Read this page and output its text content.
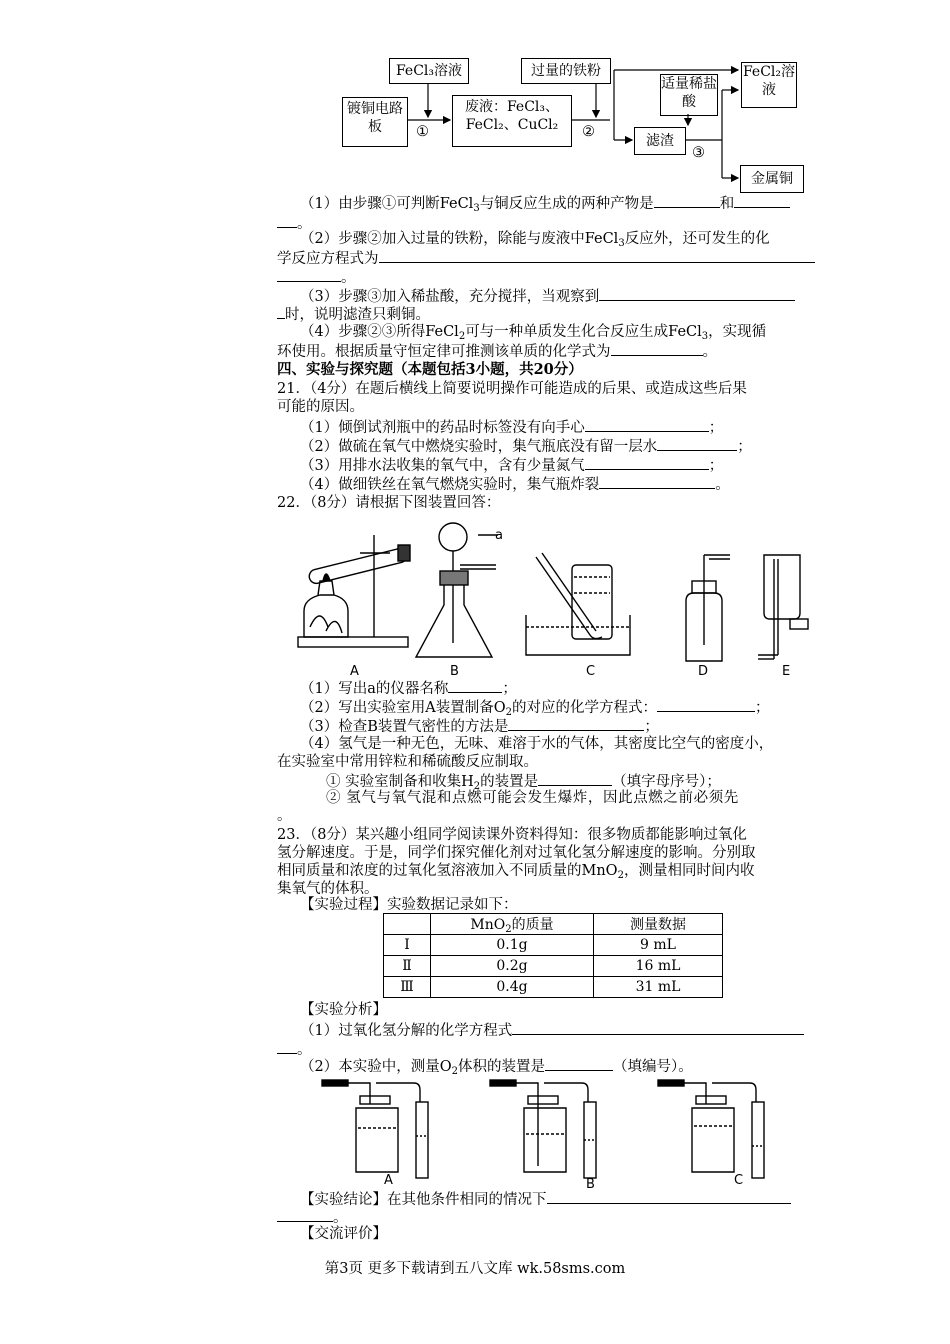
FeCl₃溶液	过量的铁粉
镀铜电路板
废液：FeCl₃、FeCl₂、CuCl₂
适量稀盐酸
滤渣
FeCl₂溶液
金属铜
①	②
③
（1）由步骤①可判断FeCl$_3$与铜反应生成的两种产物是	和
。
（2）步骤②加入过量的铁粉，除能与废液中FeCl$_3$反应外，还可发生的化
学反应方程式为
。
（3）步骤③加入稀盐酸，充分搅拌，当观察到
时，说明滤渣只剩铜。
（4）步骤②③所得FeCl$_2$可与一种单质发生化合反应生成FeCl$_3$，实现循
环使用。根据质量守恒定律可推测该单质的化学式为	。
四、实验与探究题（本题包括3小题，共20分）
21．（4分）在题后横线上简要说明操作可能造成的后果、或造成这些后果
可能的原因。
（1）倾倒试剂瓶中的药品时标签没有向手心	；
（2）做硫在氧气中燃烧实验时，集气瓶底没有留一层水	；
（3）用排水法收集的氧气中，含有少量氮气	；
（4）做细铁丝在氧气燃烧实验时，集气瓶炸裂	。
22．（8分）请根据下图装置回答：
a
A	B	C	D	E
（1）写出a的仪器名称	；
（2）写出实验室用A装置制备$O_2$的对应的化学方程式：	；
（3）检查B装置气密性的方法是	；
（4）氢气是一种无色，无味、难溶于水的气体，其密度比空气的密度小，
在实验室中常用锌粒和稀硫酸反应制取。
① 实验室制备和收集$H_2$的装置是	（填字母序号）；
② 氢气与氧气混和点燃可能会发生爆炸，因此点燃之前必须先
。
23．（8分）某兴趣小组同学阅读课外资料得知：很多物质都能影响过氧化
氢分解速度。于是，同学们探究催化剂对过氧化氢分解速度的影响。分别取
相同质量和浓度的过氧化氢溶液加入不同质量的MnO$_2$，测量相同时间内收
集氧气的体积。
【实验过程】实验数据记录如下：
	MnO$_2$的质量	测量数据
Ⅰ	0.1g	9 mL
Ⅱ	0.2g	16 mL
Ⅲ	0.4g	31 mL
【实验分析】
（1）过氧化氢分解的化学方程式
。
（2）本实验中，测量$O_2$体积的装置是	（填编号）。
A	B	C
【实验结论】在其他条件相同的情况下
。
【交流评价】
第3页 更多下载请到五八文库 wk.58sms.com
